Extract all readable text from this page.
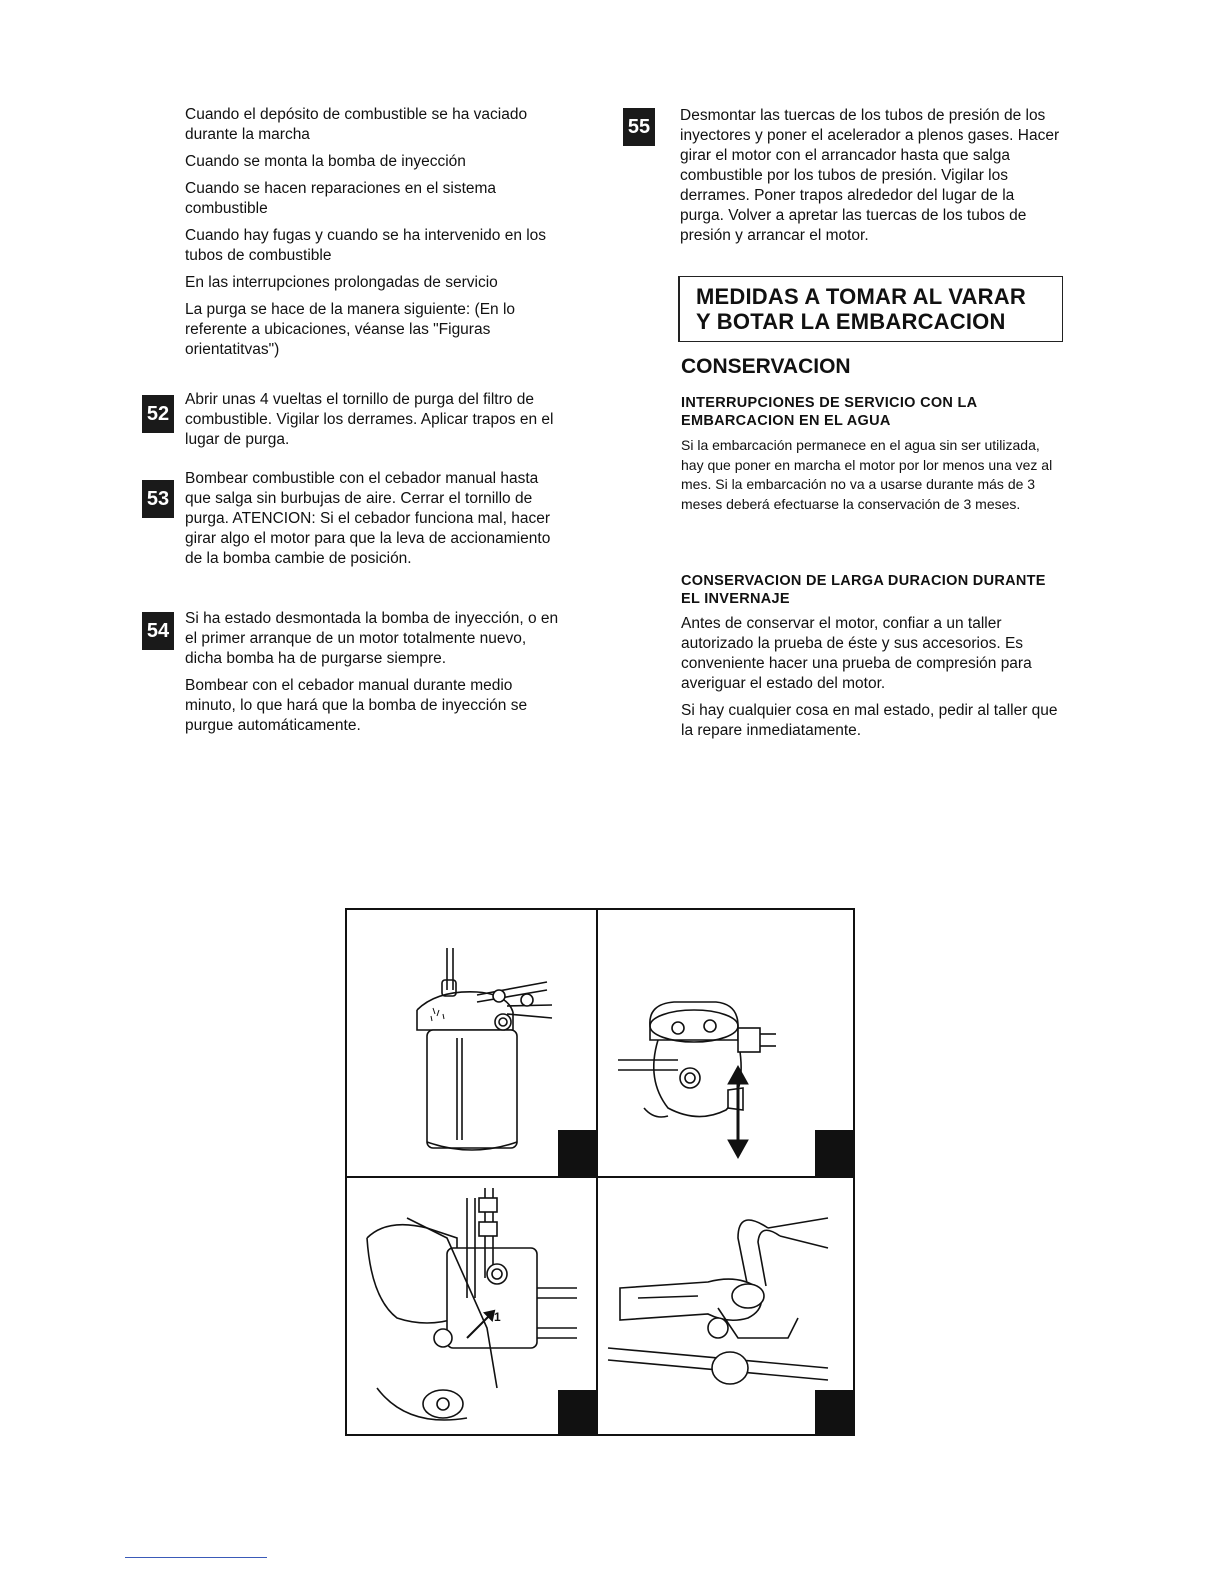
Cuando el depósito de combustible se ha vaciado durante la marcha

Cuando se monta la bomba de inyección

Cuando se hacen reparaciones en el sistema combustible

Cuando hay fugas y cuando se ha intervenido en los tubos de combustible

En las interrupciones prolongadas de servicio

La purga se hace de la manera siguiente: (En lo referente a ubicaciones, véanse las "Figuras orientatitvas")

52

Abrir unas 4 vueltas el tornillo de purga del filtro de combustible. Vigilar los derrames. Aplicar trapos en el lugar de purga.

53

Bombear combustible con el cebador manual hasta que salga sin burbujas de aire. Cerrar el tornillo de purga. ATENCION: Si el cebador funciona mal, hacer girar algo el motor para que la leva de accionamiento de la bomba cambie de posición.

54

Si ha estado desmontada la bomba de inyección, o en el primer arranque de un motor totalmente nuevo, dicha bomba ha de purgarse siempre.

Bombear con el cebador manual durante medio minuto, lo que hará que la bomba de inyección se purgue automáticamente.

55

Desmontar las tuercas de los tubos de presión de los inyectores y poner el acelerador a plenos gases. Hacer girar el motor con el arrancador hasta que salga combustible por los tubos de presión. Vigilar los derrames. Poner trapos alrededor del lugar de la purga. Volver a apretar las tuercas de los tubos de presión y arrancar el motor.

MEDIDAS A TOMAR AL VARAR
Y BOTAR LA EMBARCACION
CONSERVACION

INTERRUPCIONES DE SERVICIO CON LA EMBARCACION EN EL AGUA

Si la embarcación permanece en el agua sin ser utilizada, hay que poner en marcha el motor por lor menos una vez al mes. Si la embarcación no va a usarse durante más de 3 meses deberá efectuarse la conservación de 3 meses.

CONSERVACION DE LARGA DURACION DURANTE EL INVERNAJE

Antes de conservar el motor, confiar a un taller autorizado la prueba de éste y sus accesorios. Es conveniente hacer una prueba de compresión para averiguar el estado del motor.

Si hay cualquier cosa en mal estado, pedir al taller que la repare inmediatamente.

1
